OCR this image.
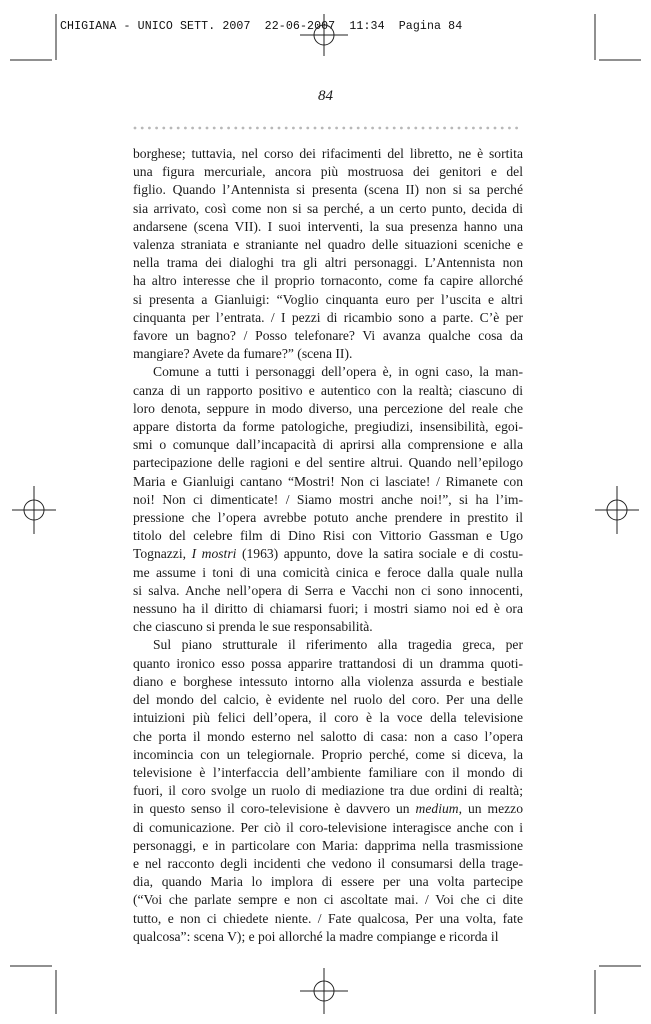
CHIGIANA - UNICO SETT. 2007  22-06-2007  11:34  Pagina 84
84

borghese; tuttavia, nel corso dei rifacimenti del libretto, ne è sortita
una figura mercuriale, ancora più mostruosa dei genitori e del
figlio. Quando l’Antennista si presenta (scena II) non si sa perché
sia arrivato, così come non si sa perché, a un certo punto, decida di
andarsene (scena VII). I suoi interventi, la sua presenza hanno una
valenza straniata e straniante nel quadro delle situazioni sceniche e
nella trama dei dialoghi tra gli altri personaggi. L’Antennista non
ha altro interesse che il proprio tornaconto, come fa capire allorché
si presenta a Gianluigi: “Voglio cinquanta euro per l’uscita e altri
cinquanta per l’entrata. / I pezzi di ricambio sono a parte. C’è per
favore un bagno? / Posso telefonare? Vi avanza qualche cosa da
mangiare? Avete da fumare?” (scena II).

Comune a tutti i personaggi dell’opera è, in ogni caso, la man-
canza di un rapporto positivo e autentico con la realtà; ciascuno di
loro denota, seppure in modo diverso, una percezione del reale che
appare distorta da forme patologiche, pregiudizi, insensibilità, egoi-
smi o comunque dall’incapacità di aprirsi alla comprensione e alla
partecipazione delle ragioni e del sentire altrui. Quando nell’epilogo
Maria e Gianluigi cantano “Mostri! Non ci lasciate! / Rimanete con
noi! Non ci dimenticate! / Siamo mostri anche noi!”, si ha l’im-
pressione che l’opera avrebbe potuto anche prendere in prestito il
titolo del celebre film di Dino Risi con Vittorio Gassman e Ugo
Tognazzi, I mostri (1963) appunto, dove la satira sociale e di costu-
me assume i toni di una comicità cinica e feroce dalla quale nulla
si salva. Anche nell’opera di Serra e Vacchi non ci sono innocenti,
nessuno ha il diritto di chiamarsi fuori; i mostri siamo noi ed è ora
che ciascuno si prenda le sue responsabilità.

Sul piano strutturale il riferimento alla tragedia greca, per
quanto ironico esso possa apparire trattandosi di un dramma quoti-
diano e borghese intessuto intorno alla violenza assurda e bestiale
del mondo del calcio, è evidente nel ruolo del coro. Per una delle
intuizioni più felici dell’opera, il coro è la voce della televisione
che porta il mondo esterno nel salotto di casa: non a caso l’opera
incomincia con un telegiornale. Proprio perché, come si diceva, la
televisione è l’interfaccia dell’ambiente familiare con il mondo di
fuori, il coro svolge un ruolo di mediazione tra due ordini di realtà;
in questo senso il coro-televisione è davvero un medium, un mezzo
di comunicazione. Per ciò il coro-televisione interagisce anche con i
personaggi, e in particolare con Maria: dapprima nella trasmissione
e nel racconto degli incidenti che vedono il consumarsi della trage-
dia, quando Maria lo implora di essere per una volta partecipe
(“Voi che parlate sempre e non ci ascoltate mai. / Voi che ci dite
tutto, e non ci chiedete niente. / Fate qualcosa, Per una volta, fate
qualcosa”: scena V); e poi allorché la madre compiange e ricorda il
